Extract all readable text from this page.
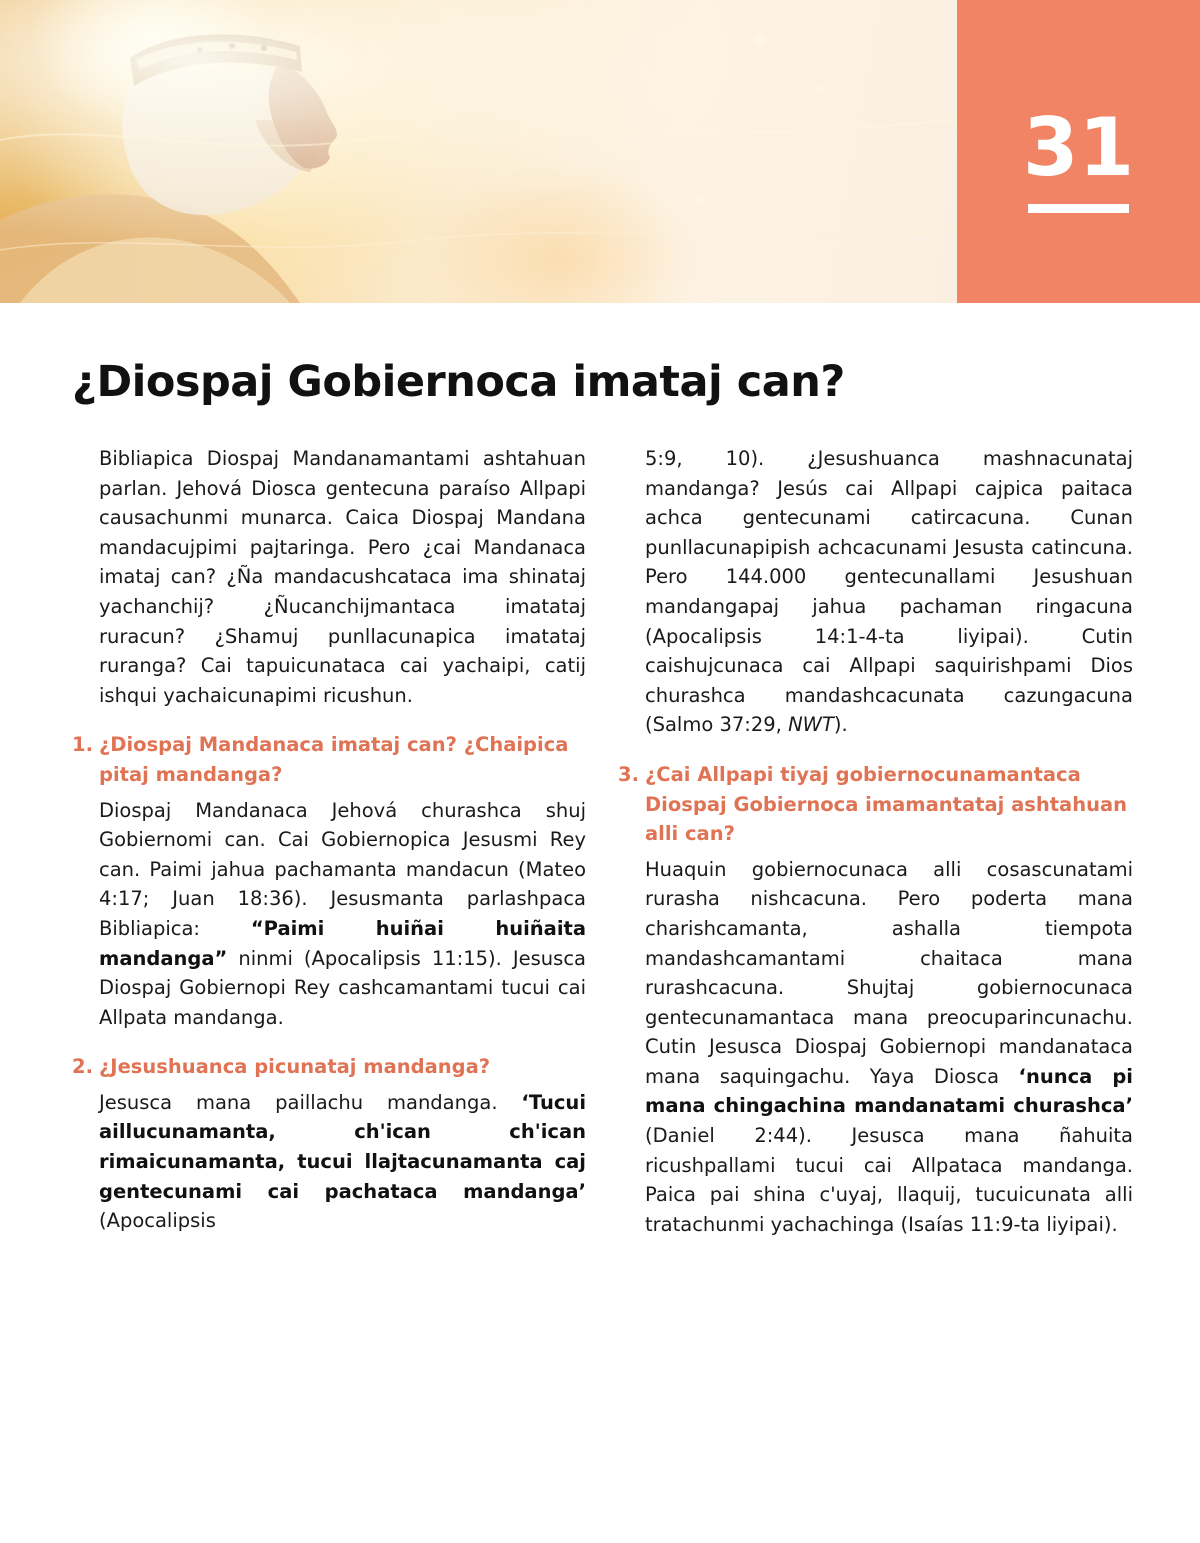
31
¿Diospaj Gobiernoca imataj can?

Bibliapica Diospaj Mandanamantami ashtahuan parlan. Jehová Diosca gentecuna paraíso Allpapi causachunmi munarca. Caica Diospaj Mandana mandacujpimi pajtaringa. Pero ¿cai Mandanaca imataj can? ¿Ña mandacushcataca ima shinataj yachanchij? ¿Ñucanchijmantaca imatataj ruracun? ¿Shamuj punllacunapica imatataj ruranga? Cai tapuicunataca cai yachaipi, catij ishqui yachaicunapimi ricushun.

1. ¿Diospaj Mandanaca imataj can? ¿Chaipica pitaj mandanga?

Diospaj Mandanaca Jehová churashca shuj Gobiernomi can. Cai Gobiernopica Jesusmi Rey can. Paimi jahua pachamanta mandacun (Mateo 4:17; Juan 18:36). Jesusmanta parlashpaca Bibliapica: “Paimi huiñai huiñaita mandanga” ninmi (Apocalipsis 11:15). Jesusca Diospaj Gobiernopi Rey cashcamantami tucui cai Allpata mandanga.

2. ¿Jesushuanca picunataj mandanga?

Jesusca mana paillachu mandanga. ‘Tucui aillucunamanta, ch'ican ch'ican rimaicunamanta, tucui llajtacunamanta caj gentecunami cai pachataca mandanga’ (Apocalipsis

5:9, 10). ¿Jesushuanca mashnacunataj mandanga? Jesús cai Allpapi cajpica paitaca achca gentecunami catircacuna. Cunan punllacunapipish achcacunami Jesusta catincuna. Pero 144.000 gentecunallami Jesushuan mandangapaj jahua pachaman ringacuna (Apocalipsis 14:1-4-ta liyipai). Cutin caishujcunaca cai Allpapi saquirishpami Dios churashca mandashcacunata cazungacuna (Salmo 37:29, NWT).

3. ¿Cai Allpapi tiyaj gobiernocunamantaca Diospaj Gobiernoca imamantataj ashtahuan alli can?

Huaquin gobiernocunaca alli cosascunatami rurasha nishcacuna. Pero poderta mana charishcamanta, ashalla tiempota mandashcamantami chaitaca mana rurashcacuna. Shujtaj gobiernocunaca gentecunamantaca mana preocuparincunachu. Cutin Jesusca Diospaj Gobiernopi mandanataca mana saquingachu. Yaya Diosca ‘nunca pi mana chingachina mandanatami churashca’ (Daniel 2:44). Jesusca mana ñahuita ricushpallami tucui cai Allpataca mandanga. Paica pai shina c'uyaj, llaquij, tucuicunata alli tratachunmi yachachinga (Isaías 11:9-ta liyipai).
